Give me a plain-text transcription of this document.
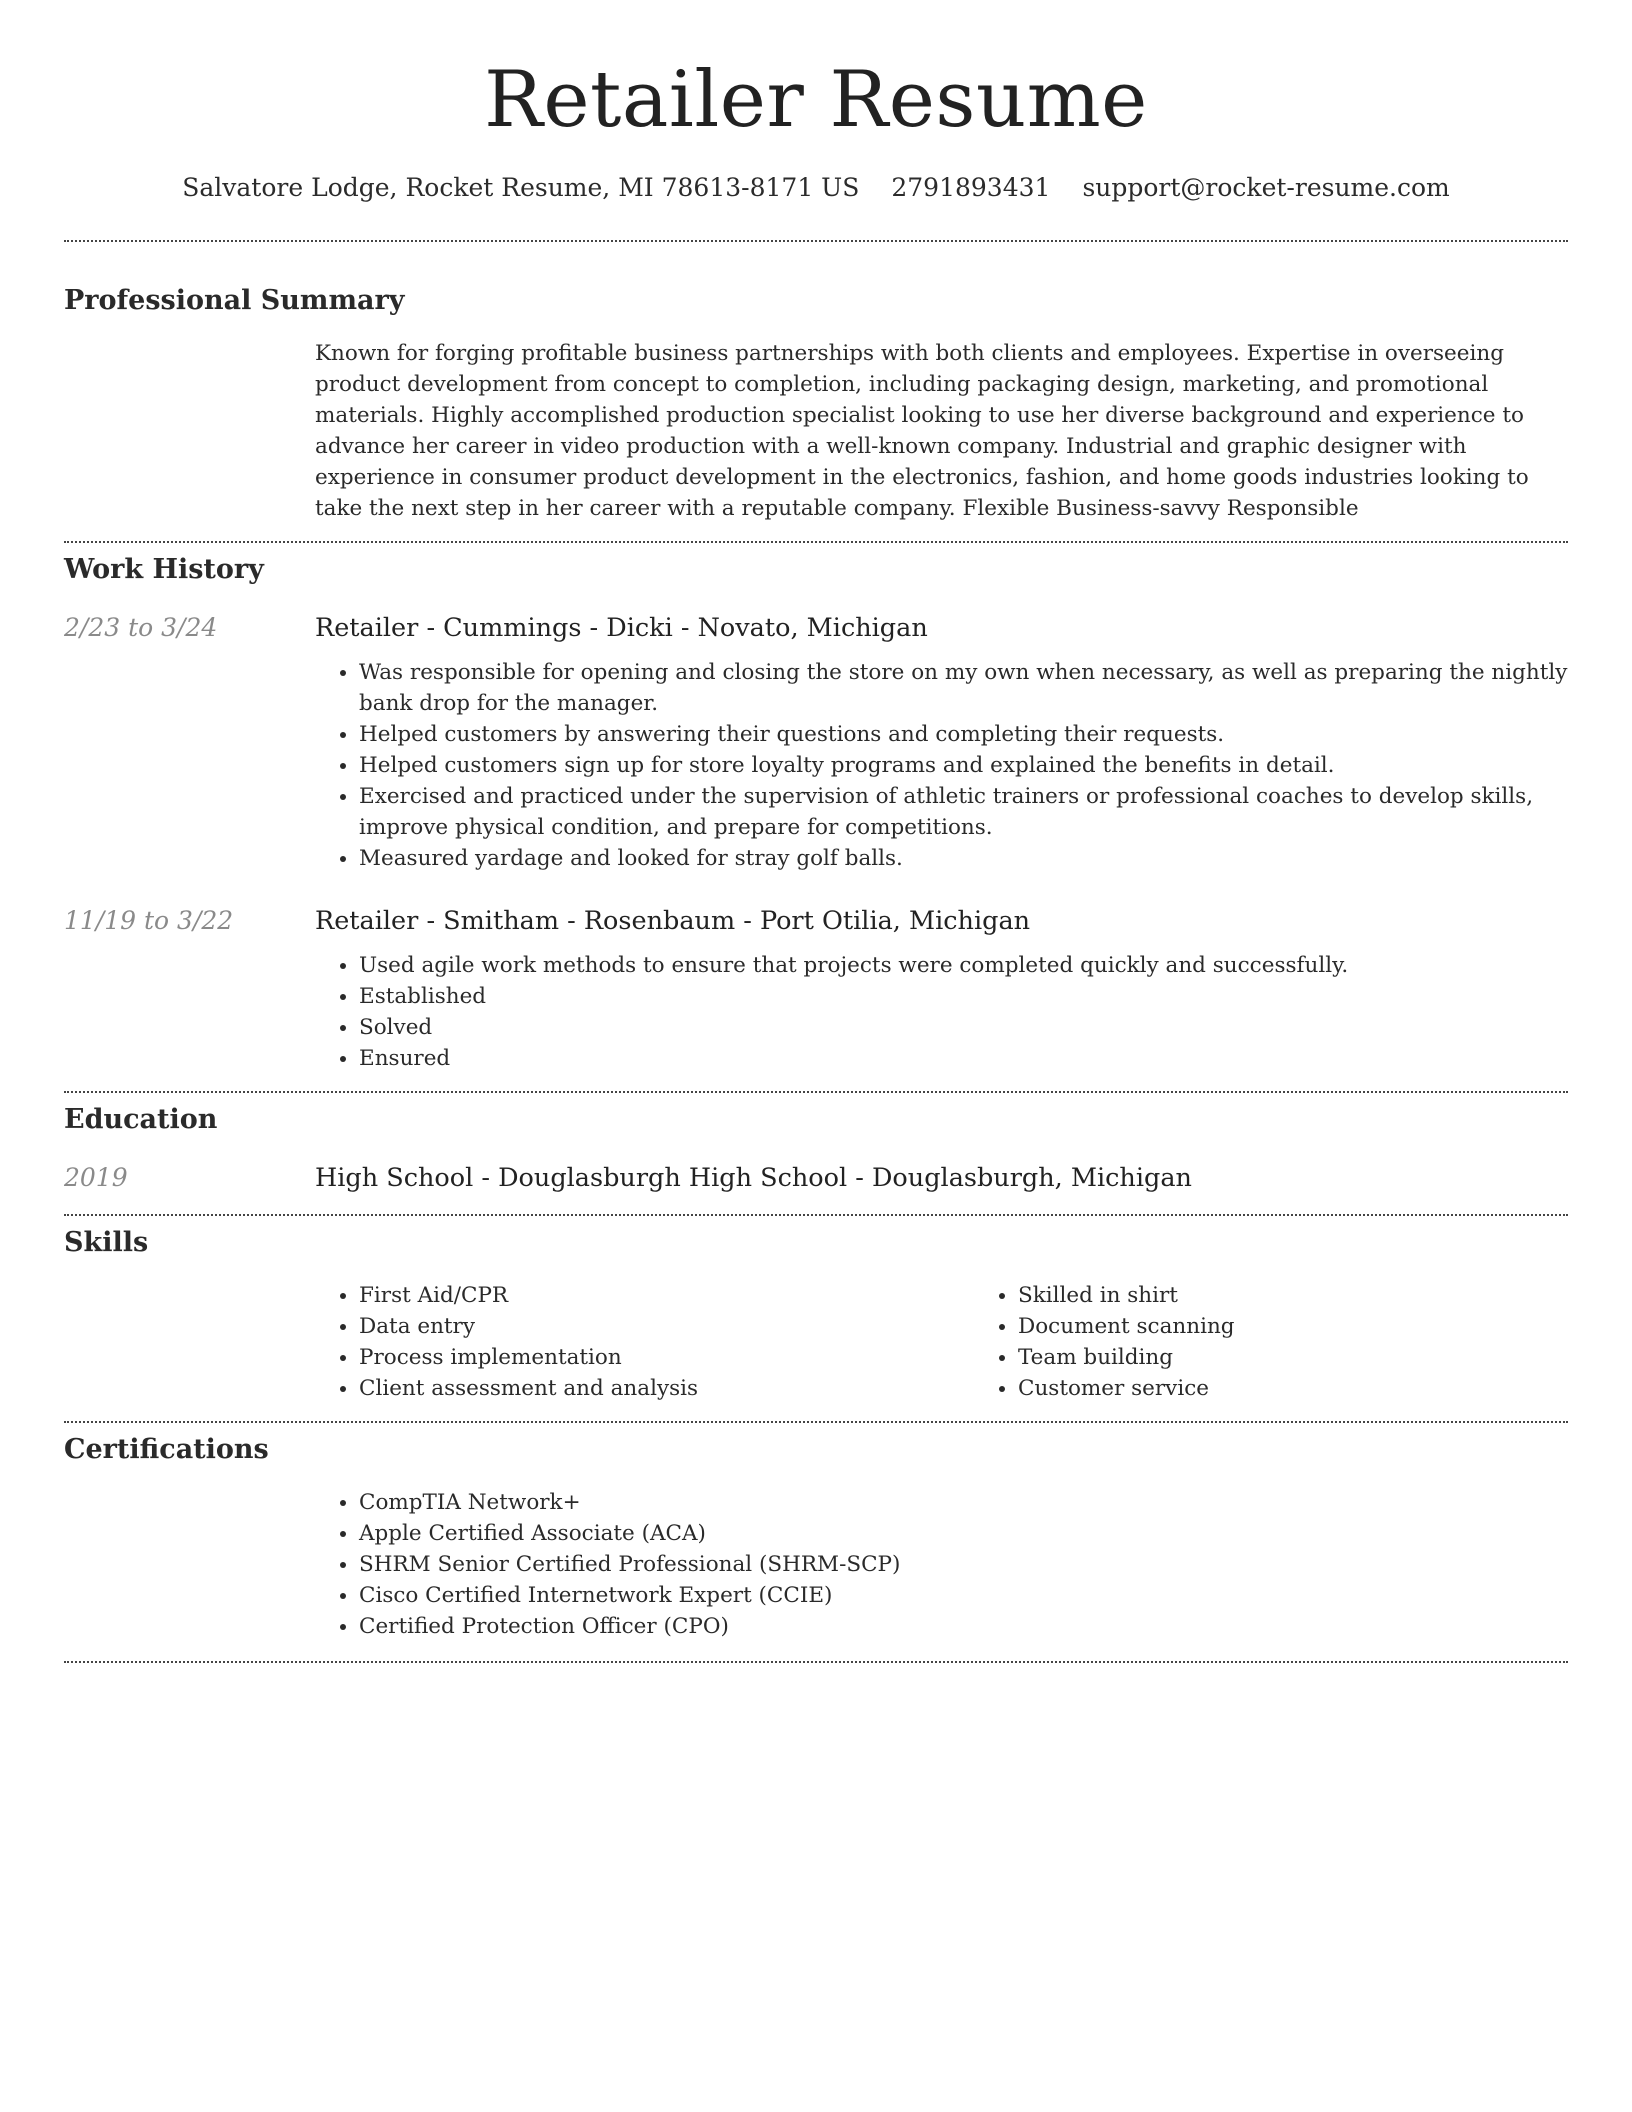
Retailer Resume
Salvatore Lodge, Rocket Resume, MI 78613-8171 US 2791893431 support@rocket-resume.com
Professional Summary

Known for forging profitable business partnerships with both clients and employees. Expertise in overseeing product development from concept to completion, including packaging design, marketing, and promotional materials. Highly accomplished production specialist looking to use her diverse background and experience to advance her career in video production with a well-known company. Industrial and graphic designer with experience in consumer product development in the electronics, fashion, and home goods industries looking to take the next step in her career with a reputable company. Flexible Business-savvy Responsible

Work History
2/23 to 3/24	Retailer - Cummings - Dicki - Novato, Michigan
• Was responsible for opening and closing the store on my own when necessary, as well as preparing the nightly bank drop for the manager.
• Helped customers by answering their questions and completing their requests.
• Helped customers sign up for store loyalty programs and explained the benefits in detail.
• Exercised and practiced under the supervision of athletic trainers or professional coaches to develop skills, improve physical condition, and prepare for competitions.
• Measured yardage and looked for stray golf balls.
11/19 to 3/22	Retailer - Smitham - Rosenbaum - Port Otilia, Michigan
• Used agile work methods to ensure that projects were completed quickly and successfully.
• Established
• Solved
• Ensured
Education
2019	High School - Douglasburgh High School - Douglasburgh, Michigan
Skills
• First Aid/CPR
• Data entry
• Process implementation
• Client assessment and analysis
• Skilled in shirt
• Document scanning
• Team building
• Customer service
Certifications
• CompTIA Network+
• Apple Certified Associate (ACA)
• SHRM Senior Certified Professional (SHRM-SCP)
• Cisco Certified Internetwork Expert (CCIE)
• Certified Protection Officer (CPO)
